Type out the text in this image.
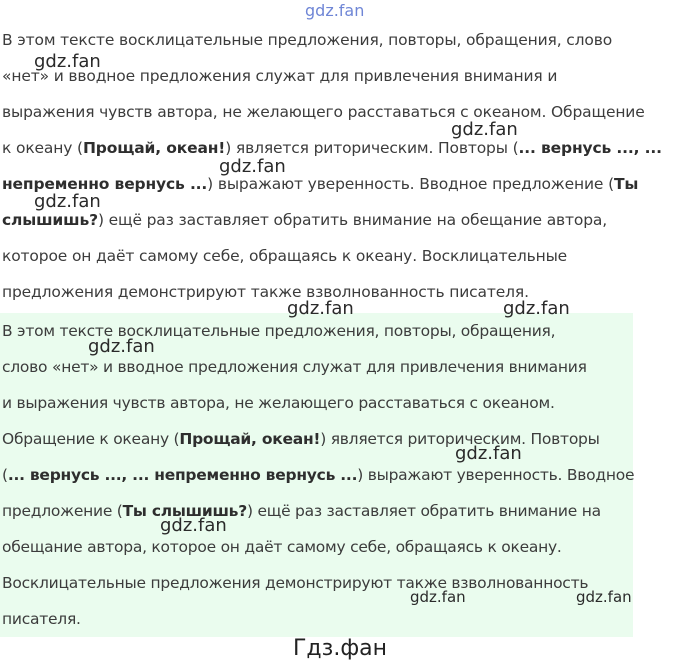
В этом тексте восклицательные предложения, повторы, обращения, слово
«нет» и вводное предложения служат для привлечения внимания и
выражения чувств автора, не желающего расставаться с океаном. Обращение
к океану (Прощай, океан!) является риторическим. Повторы (... вернусь ..., ...
непременно вернусь ...) выражают уверенность. Вводное предложение (Ты
слышишь?) ещё раз заставляет обратить внимание на обещание автора,
которое он даёт самому себе, обращаясь к океану. Восклицательные
предложения демонстрируют также взволнованность писателя.
В этом тексте восклицательные предложения, повторы, обращения,
слово «нет» и вводное предложения служат для привлечения внимания
и выражения чувств автора, не желающего расставаться с океаном.
Обращение к океану (Прощай, океан!) является риторическим. Повторы
(... вернусь ..., ... непременно вернусь ...) выражают уверенность. Вводное
предложение (Ты слышишь?) ещё раз заставляет обратить внимание на
обещание автора, которое он даёт самому себе, обращаясь к океану.
Восклицательные предложения демонстрируют также взволнованность
писателя.
gdz.fan
gdz.fan
gdz.fan
gdz.fan
gdz.fan
gdz.fan	gdz.fan
gdz.fan
gdz.fan
gdz.fan
gdz.fan	gdz.fan
Гдз.фан
